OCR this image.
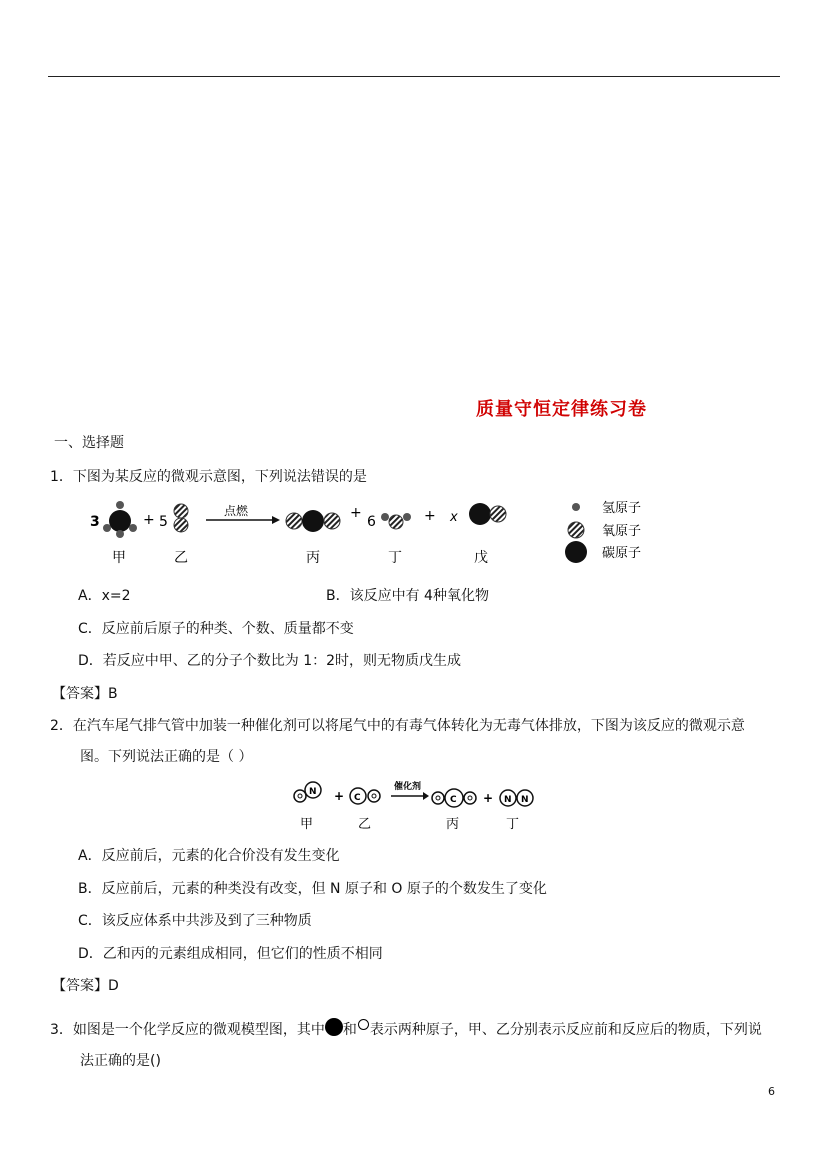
质量守恒定律练习卷
一、选择题
1．下图为某反应的微观示意图，下列说法错误的是
3	+ 5
点燃	+
6	+ x
甲	乙	丙	丁	戊
氢原子
氧原子
碳原子
A．x=2	B．该反应中有 4种氧化物
C．反应前后原子的种类、个数、质量都不变
D．若反应中甲、乙的分子个数比为 1：2时，则无物质戊生成
【答案】B
2．在汽车尾气排气管中加装一种催化剂可以将尾气中的有毒气体转化为无毒气体排放，下图为该反应的微观示意
图。下列说法正确的是（ ）
N + C
催化剂
C + N N
甲	乙	丙	丁
A．反应前后，元素的化合价没有发生变化
B．反应前后，元素的种类没有改变，但 N 原子和 O 原子的个数发生了变化
C．该反应体系中共涉及到了三种物质
D．乙和丙的元素组成相同，但它们的性质不相同
【答案】D
3．如图是一个化学反应的微观模型图，其中 和 表示两种原子，甲、乙分别表示反应前和反应后的物质，下列说
法正确的是()
6
